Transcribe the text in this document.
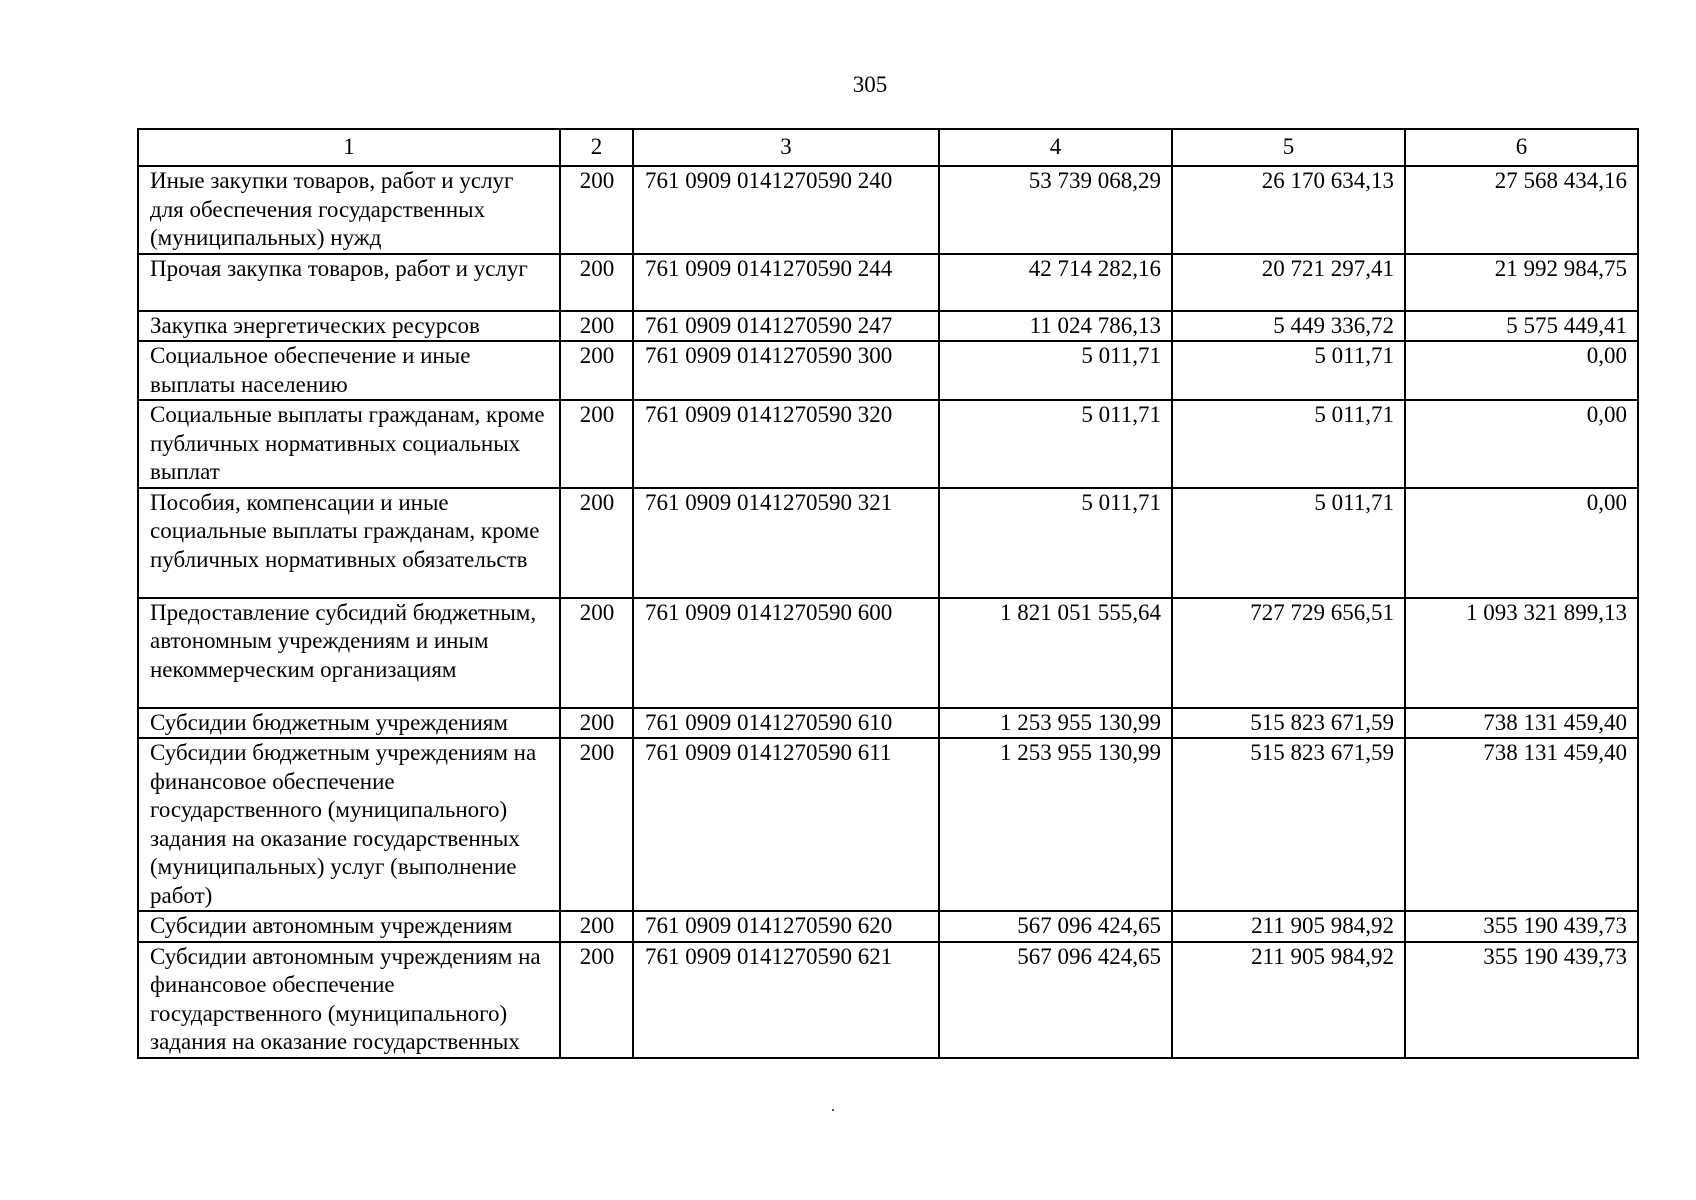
305
1	2	3	4	5	6
Иные закупки товаров, работ и услуг для обеспечения государственных (муниципальных) нужд	200	761 0909 0141270590 240	53 739 068,29	26 170 634,13	27 568 434,16
Прочая закупка товаров, работ и услуг	200	761 0909 0141270590 244	42 714 282,16	20 721 297,41	21 992 984,75
Закупка энергетических ресурсов	200	761 0909 0141270590 247	11 024 786,13	5 449 336,72	5 575 449,41
Социальное обеспечение и иные выплаты населению	200	761 0909 0141270590 300	5 011,71	5 011,71	0,00
Социальные выплаты гражданам, кроме публичных нормативных социальных выплат	200	761 0909 0141270590 320	5 011,71	5 011,71	0,00
Пособия, компенсации и иные социальные выплаты гражданам, кроме публичных нормативных обязательств	200	761 0909 0141270590 321	5 011,71	5 011,71	0,00
Предоставление субсидий бюджетным, автономным учреждениям и иным некоммерческим организациям	200	761 0909 0141270590 600	1 821 051 555,64	727 729 656,51	1 093 321 899,13
Субсидии бюджетным учреждениям	200	761 0909 0141270590 610	1 253 955 130,99	515 823 671,59	738 131 459,40
Субсидии бюджетным учреждениям на финансовое обеспечение государственного (муниципального) задания на оказание государственных (муниципальных) услуг (выполнение работ)	200	761 0909 0141270590 611	1 253 955 130,99	515 823 671,59	738 131 459,40
Субсидии автономным учреждениям	200	761 0909 0141270590 620	567 096 424,65	211 905 984,92	355 190 439,73
Субсидии автономным учреждениям на финансовое обеспечение государственного (муниципального) задания на оказание государственных	200	761 0909 0141270590 621	567 096 424,65	211 905 984,92	355 190 439,73
